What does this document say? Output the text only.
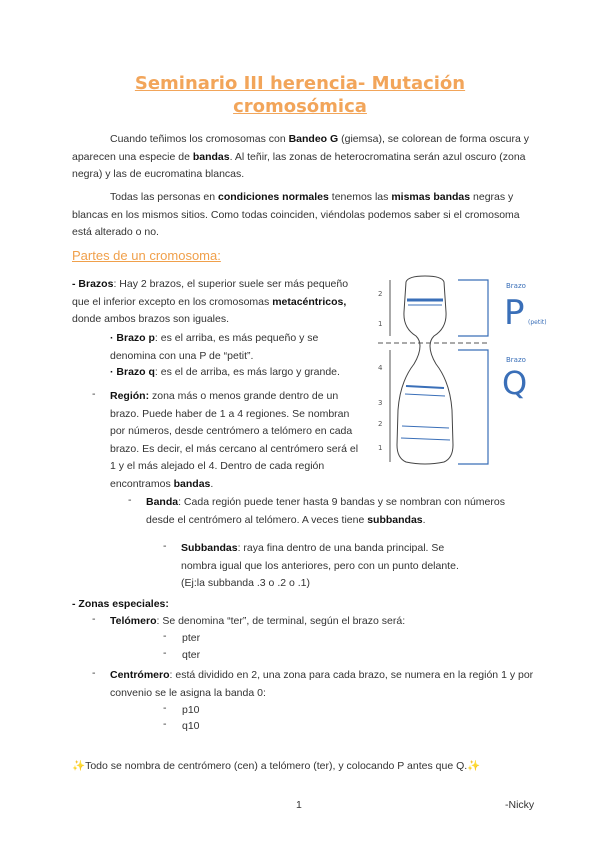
Seminario III herencia- Mutación
cromosómica
Cuando teñimos los cromosomas con Bandeo G (giemsa), se colorean de forma oscura y aparecen una especie de bandas. Al teñir, las zonas de heterocromatina serán azul oscuro (zona negra) y las de eucromatina blancas.
Todas las personas en condiciones normales tenemos las mismas bandas negras y blancas en los mismos sitios. Como todas coinciden, viéndolas podemos saber si el cromosoma está alterado o no.
Partes de un cromosoma:
- Brazos: Hay 2 brazos, el superior suele ser más pequeño que el inferior excepto en los cromosomas metacéntricos, donde ambos brazos son iguales.
· Brazo p: es el arriba, es más pequeño y se denomina con una P de “petit”.
· Brazo q: es el de arriba, es más largo y grande.
- Región: zona más o menos grande dentro de un brazo. Puede haber de 1 a 4 regiones. Se nombran por números, desde centrómero a telómero en cada brazo. Es decir, el más cercano al centrómero será el 1 y el más alejado el 4. Dentro de cada región encontramos bandas.
- Banda: Cada región puede tener hasta 9 bandas y se nombran con números desde el centrómero al telómero. A veces tiene subbandas.
- Subbandas: raya fina dentro de una banda principal. Se nombra igual que los anteriores, pero con un punto delante.
(Ej:la subbanda .3 o .2 o .1)
- Zonas especiales:
- Telómero: Se denomina “ter”, de terminal, según el brazo será:
- pter
- qter
- Centrómero: está dividido en 2, una zona para cada brazo, se numera en la región 1 y por convenio se le asigna la banda 0:
- p10
- q10
✨Todo se nombra de centrómero (cen) a telómero (ter), y colocando P antes que Q.✨
1	-Nicky
2
1
4
3
2
1
Brazo
P (petit)
Brazo
Q
